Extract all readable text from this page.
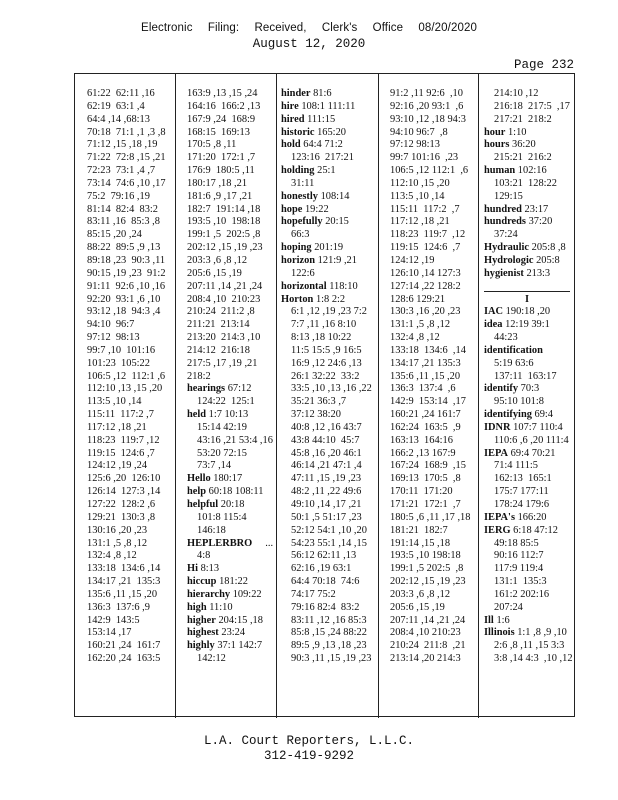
Electronic Filing: Received, Clerk's Office 08/20/2020
August 12, 2020
Page 232
61:22  62:11 ,16
62:19  63:1 ,4
64:4 ,14 ,68:13
70:18  71:1 ,1 ,3 ,8
71:12 ,15 ,18 ,19
71:22  72:8 ,15 ,21
72:23  73:1 ,4 ,7
73:14  74:6 ,10 ,17
75:2  79:16 ,19
81:14  82:4  83:2
83:11 ,16  85:3 ,8
85:15 ,20 ,24
88:22  89:5 ,9 ,13
89:18 ,23  90:3 ,11
90:15 ,19 ,23  91:2
91:11  92:6 ,10 ,16
92:20  93:1 ,6 ,10
93:12 ,18  94:3 ,4
94:10  96:7
97:12  98:13
99:7 ,10  101:16
101:23  105:22
106:5 ,12  112:1 ,6
112:10 ,13 ,15 ,20
113:5 ,10 ,14
115:11  117:2 ,7
117:12 ,18 ,21
118:23  119:7 ,12
119:15  124:6 ,7
124:12 ,19 ,24
125:6 ,20  126:10
126:14  127:3 ,14
127:22  128:2 ,6
129:21  130:3 ,8
130:16 ,20 ,23
131:1 ,5 ,8 ,12
132:4 ,8 ,12
133:18  134:6 ,14
134:17 ,21  135:3
135:6 ,11 ,15 ,20
136:3  137:6 ,9
142:9  143:5
153:14 ,17
160:21 ,24  161:7
162:20 ,24  163:5
163:9 ,13 ,15 ,24
164:16  166:2 ,13
167:9 ,24  168:9
168:15  169:13
170:5 ,8 ,11
171:20  172:1 ,7
176:9  180:5 ,11
180:17 ,18 ,21
181:6 ,9 ,17 ,21
182:7  191:14 ,18
193:5 ,10  198:18
199:1 ,5  202:5 ,8
202:12 ,15 ,19 ,23
203:3 ,6 ,8 ,12
205:6 ,15 ,19
207:11 ,14 ,21 ,24
208:4 ,10  210:23
210:24  211:2 ,8
211:21  213:14
213:20  214:3 ,10
214:12  216:18
217:5 ,17 ,19 ,21
218:2
hearings 67:12
124:22  125:1
held 1:7 10:13
15:14 42:19
43:16 ,21 53:4 ,16
53:20 72:15
73:7 ,14
Hello 180:17
help 60:18 108:11
helpful 20:18
101:8 115:4
146:18
HEPLERBRO     ...
4:8
Hi 8:13
hiccup 181:22
hierarchy 109:22
high 11:10
higher 204:15 ,18
highest 23:24
highly 37:1 142:7
142:12
hinder 81:6
hire 108:1 111:11
hired 111:15
historic 165:20
hold 64:4 71:2
123:16  217:21
holding 25:1
31:11
honestly 108:14
hope 19:22
hopefully 20:15
66:3
hoping 201:19
horizon 121:9 ,21
122:6
horizontal 118:10
Horton 1:8 2:2
6:1 ,12 ,19 ,23 7:2
7:7 ,11 ,16 8:10
8:13 ,18 10:22
11:5 15:5 ,9 16:5
16:9 ,12 24:6 ,13
26:1 32:22  33:2
33:5 ,10 ,13 ,16 ,22
35:21 36:3 ,7
37:12 38:20
40:8 ,12 ,16 43:7
43:8 44:10  45:7
45:8 ,16 ,20 46:1
46:14 ,21 47:1 ,4
47:11 ,15 ,19 ,23
48:2 ,11 ,22 49:6
49:10 ,14 ,17 ,21
50:1 ,5 51:17 ,23
52:12 54:1 ,10 ,20
54:23 55:1 ,14 ,15
56:12 62:11 ,13
62:16 ,19 63:1
64:4 70:18  74:6
74:17 75:2
79:16 82:4  83:2
83:11 ,12 ,16 85:3
85:8 ,15 ,24 88:22
89:5 ,9 ,13 ,18 ,23
90:3 ,11 ,15 ,19 ,23
91:2 ,11 92:6  ,10
92:16 ,20 93:1  ,6
93:10 ,12 ,18 94:3
94:10 96:7  ,8
97:12 98:13
99:7 101:16  ,23
106:5 ,12 112:1  ,6
112:10 ,15 ,20
113:5 ,10 ,14
115:11  117:2  ,7
117:12 ,18 ,21
118:23  119:7  ,12
119:15  124:6  ,7
124:12 ,19
126:10 ,14 127:3
127:14 ,22 128:2
128:6 129:21
130:3 ,16 ,20 ,23
131:1 ,5 ,8 ,12
132:4 ,8 ,12
133:18  134:6  ,14
134:17 ,21 135:3
135:6 ,11 ,15 ,20
136:3  137:4  ,6
142:9  153:14  ,17
160:21 ,24 161:7
162:24  163:5  ,9
163:13  164:16
166:2 ,13 167:9
167:24  168:9  ,15
169:13  170:5  ,8
170:11  171:20
171:21  172:1  ,7
180:5 ,6 ,11 ,17 ,18
181:21  182:7
191:14 ,15 ,18
193:5 ,10 198:18
199:1 ,5 202:5  ,8
202:12 ,15 ,19 ,23
203:3 ,6 ,8 ,12
205:6 ,15 ,19
207:11 ,14 ,21 ,24
208:4 ,10 210:23
210:24  211:8  ,21
213:14 ,20 214:3
214:10 ,12
216:18  217:5  ,17
217:21  218:2
hour 1:10
hours 36:20
215:21  216:2
human 102:16
103:21  128:22
129:15
hundred 23:17
hundreds 37:20
37:24
Hydraulic 205:8 ,8
Hydrologic 205:8
hygienist 213:3
I
IAC 190:18 ,20
idea 12:19 39:1
44:23
identification
5:19 63:6
137:11  163:17
identify 70:3
95:10 101:8
identifying 69:4
IDNR 107:7 110:4
110:6 ,6 ,20 111:4
IEPA 69:4 70:21
71:4 111:5
162:13  165:1
175:7 177:11
178:24 179:6
IEPA's 166:20
IERG 6:18 47:12
49:18 85:5
90:16 112:7
117:9 119:4
131:1  135:3
161:2 202:16
207:24
Ill 1:6
Illinois 1:1 ,8 ,9 ,10
2:6 ,8 ,11 ,15 3:3
3:8 ,14 4:3  ,10 ,12
L.A. Court Reporters, L.L.C.
312-419-9292
